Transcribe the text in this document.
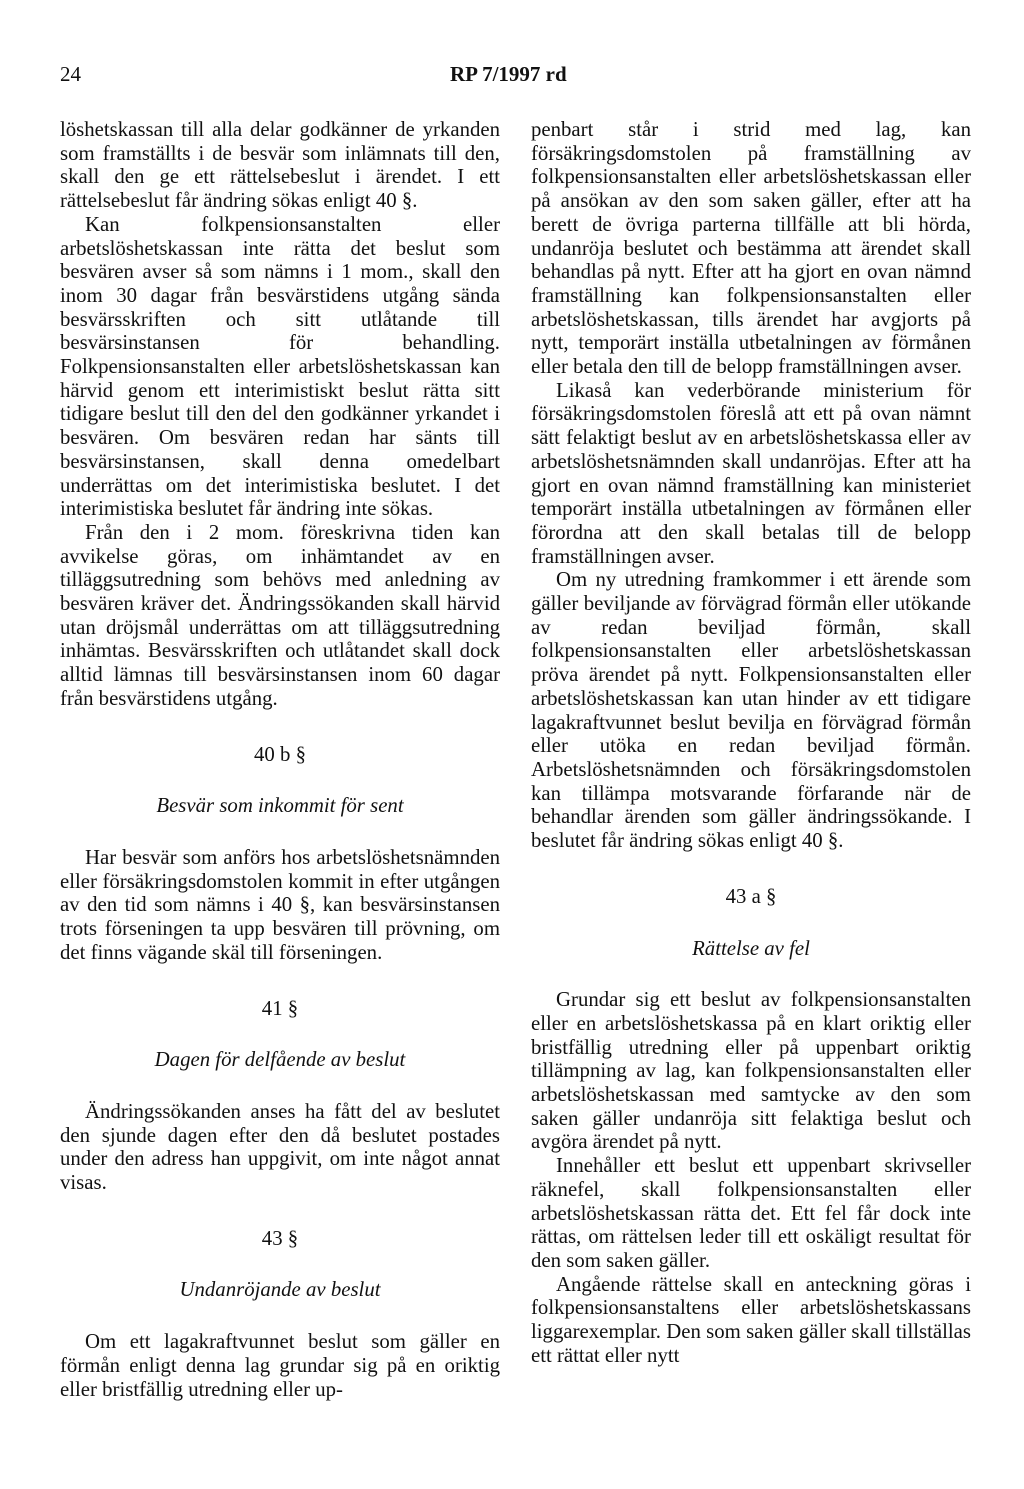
24	RP 7/1997 rd

löshetskassan till alla delar godkänner de yrkanden som framställts i de besvär som inlämnats till den, skall den ge ett rättelsebeslut i ärendet. I ett rättelsebeslut får ändring sökas enligt 40 §.

Kan folkpensionsanstalten eller arbetslöshetskassan inte rätta det beslut som besvären avser så som nämns i 1 mom., skall den inom 30 dagar från besvärstidens utgång sända besvärsskriften och sitt utlåtande till besvärsinstansen för behandling. Folkpensionsanstalten eller arbetslöshetskassan kan härvid genom ett interimistiskt beslut rätta sitt tidigare beslut till den del den godkänner yrkandet i besvären. Om besvären redan har sänts till besvärsinstansen, skall denna omedelbart underrättas om det interimistiska beslutet. I det interimistiska beslutet får ändring inte sökas.

Från den i 2 mom. föreskrivna tiden kan avvikelse göras, om inhämtandet av en tilläggsutredning som behövs med anledning av besvären kräver det. Ändringssökanden skall härvid utan dröjsmål underrättas om att tilläggsutredning inhämtas. Besvärsskriften och utlåtandet skall dock alltid lämnas till besvärsinstansen inom 60 dagar från besvärstidens utgång.

40 b §
Besvär som inkommit för sent

Har besvär som anförs hos arbetslöshetsnämnden eller försäkringsdomstolen kommit in efter utgången av den tid som nämns i 40 §, kan besvärsinstansen trots förseningen ta upp besvären till prövning, om det finns vägande skäl till förseningen.

41 §
Dagen för delfående av beslut

Ändringssökanden anses ha fått del av beslutet den sjunde dagen efter den då beslutet postades under den adress han uppgivit, om inte något annat visas.

43 §
Undanröjande av beslut

Om ett lagakraftvunnet beslut som gäller en förmån enligt denna lag grundar sig på en oriktig eller bristfällig utredning eller up-

penbart står i strid med lag, kan försäkringsdomstolen på framställning av folkpensionsanstalten eller arbetslöshetskassan eller på ansökan av den som saken gäller, efter att ha berett de övriga parterna tillfälle att bli hörda, undanröja beslutet och bestämma att ärendet skall behandlas på nytt. Efter att ha gjort en ovan nämnd framställning kan folkpensionsanstalten eller arbetslöshetskassan, tills ärendet har avgjorts på nytt, temporärt inställa utbetalningen av förmånen eller betala den till de belopp framställningen avser.

Likaså kan vederbörande ministerium för försäkringsdomstolen föreslå att ett på ovan nämnt sätt felaktigt beslut av en arbetslöshetskassa eller av arbetslöshetsnämnden skall undanröjas. Efter att ha gjort en ovan nämnd framställning kan ministeriet temporärt inställa utbetalningen av förmånen eller förordna att den skall betalas till de belopp framställningen avser.

Om ny utredning framkommer i ett ärende som gäller beviljande av förvägrad förmån eller utökande av redan beviljad förmån, skall folkpensionsanstalten eller arbetslöshetskassan pröva ärendet på nytt. Folkpensionsanstalten eller arbetslöshetskassan kan utan hinder av ett tidigare lagakraftvunnet beslut bevilja en förvägrad förmån eller utöka en redan beviljad förmån. Arbetslöshetsnämnden och försäkringsdomstolen kan tillämpa motsvarande förfarande när de behandlar ärenden som gäller ändringssökande. I beslutet får ändring sökas enligt 40 §.

43 a §
Rättelse av fel

Grundar sig ett beslut av folkpensionsanstalten eller en arbetslöshetskassa på en klart oriktig eller bristfällig utredning eller på uppenbart oriktig tillämpning av lag, kan folkpensionsanstalten eller arbetslöshetskassan med samtycke av den som saken gäller undanröja sitt felaktiga beslut och avgöra ärendet på nytt.

Innehåller ett beslut ett uppenbart skrivseller räknefel, skall folkpensionsanstalten eller arbetslöshetskassan rätta det. Ett fel får dock inte rättas, om rättelsen leder till ett oskäligt resultat för den som saken gäller.

Angående rättelse skall en anteckning göras i folkpensionsanstaltens eller arbetslöshetskassans liggarexemplar. Den som saken gäller skall tillställas ett rättat eller nytt
